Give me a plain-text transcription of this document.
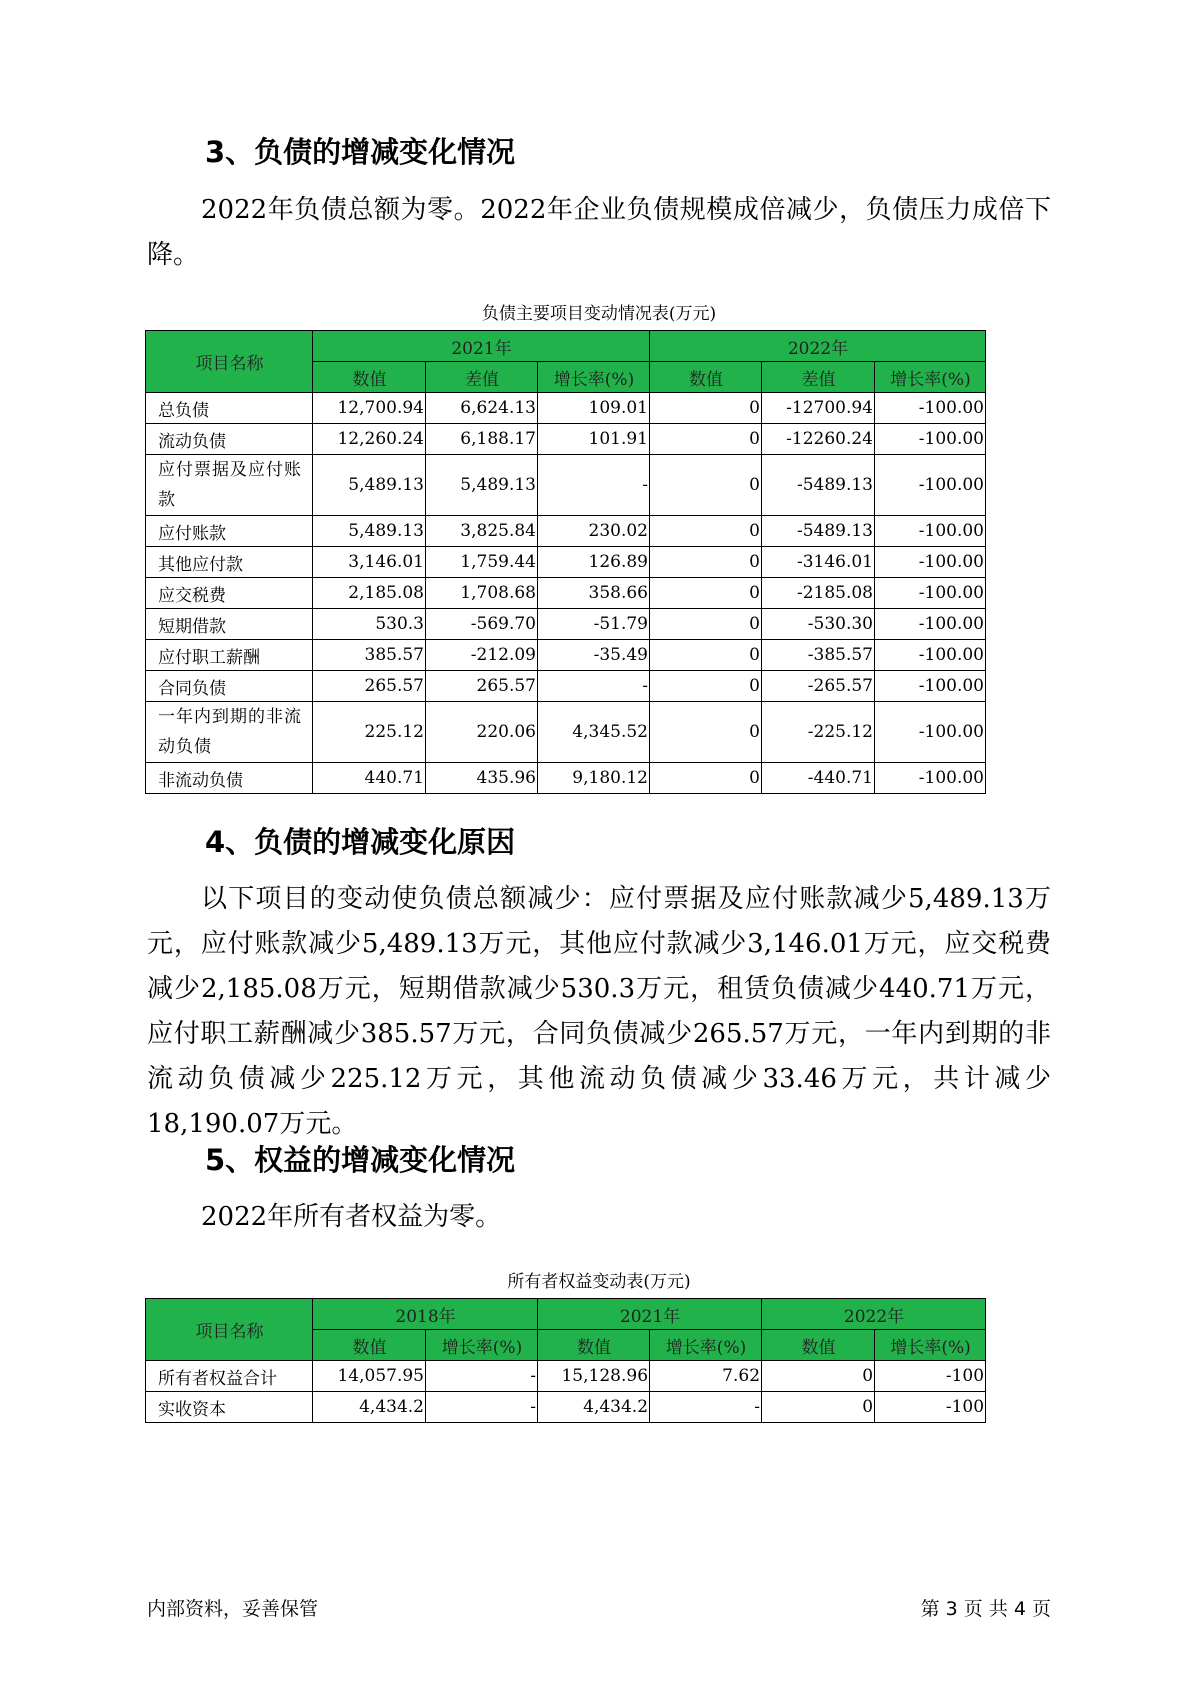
3、负债的增减变化情况

2022年负债总额为零。2022年企业负债规模成倍减少，负债压力成倍下降。

负债主要项目变动情况表(万元)
项目名称	2021年			2022年		
	数值	差值	增长率(%)	数值	差值	增长率(%)
总负债	12,700.94	6,624.13	109.01	0	-12700.94	-100.00
流动负债	12,260.24	6,188.17	101.91	0	-12260.24	-100.00
应付票据及应付账款	5,489.13	5,489.13	-	0	-5489.13	-100.00
应付账款	5,489.13	3,825.84	230.02	0	-5489.13	-100.00
其他应付款	3,146.01	1,759.44	126.89	0	-3146.01	-100.00
应交税费	2,185.08	1,708.68	358.66	0	-2185.08	-100.00
短期借款	530.3	-569.70	-51.79	0	-530.30	-100.00
应付职工薪酬	385.57	-212.09	-35.49	0	-385.57	-100.00
合同负债	265.57	265.57	-	0	-265.57	-100.00
一年内到期的非流动负债	225.12	220.06	4,345.52	0	-225.12	-100.00
非流动负债	440.71	435.96	9,180.12	0	-440.71	-100.00
4、负债的增减变化原因

以下项目的变动使负债总额减少：应付票据及应付账款减少5,489.13万元，应付账款减少5,489.13万元，其他应付款减少3,146.01万元，应交税费减少2,185.08万元，短期借款减少530.3万元，租赁负债减少440.71万元，应付职工薪酬减少385.57万元，合同负债减少265.57万元，一年内到期的非流动负债减少225.12万元，其他流动负债减少33.46万元，共计减少18,190.07万元。

5、权益的增减变化情况

2022年所有者权益为零。

所有者权益变动表(万元)
项目名称	2018年		2021年		2022年	
	数值	增长率(%)	数值	增长率(%)	数值	增长率(%)
所有者权益合计	14,057.95	-	15,128.96	7.62	0	-100
实收资本	4,434.2	-	4,434.2	-	0	-100
内部资料，妥善保管	第 3 页 共 4 页
